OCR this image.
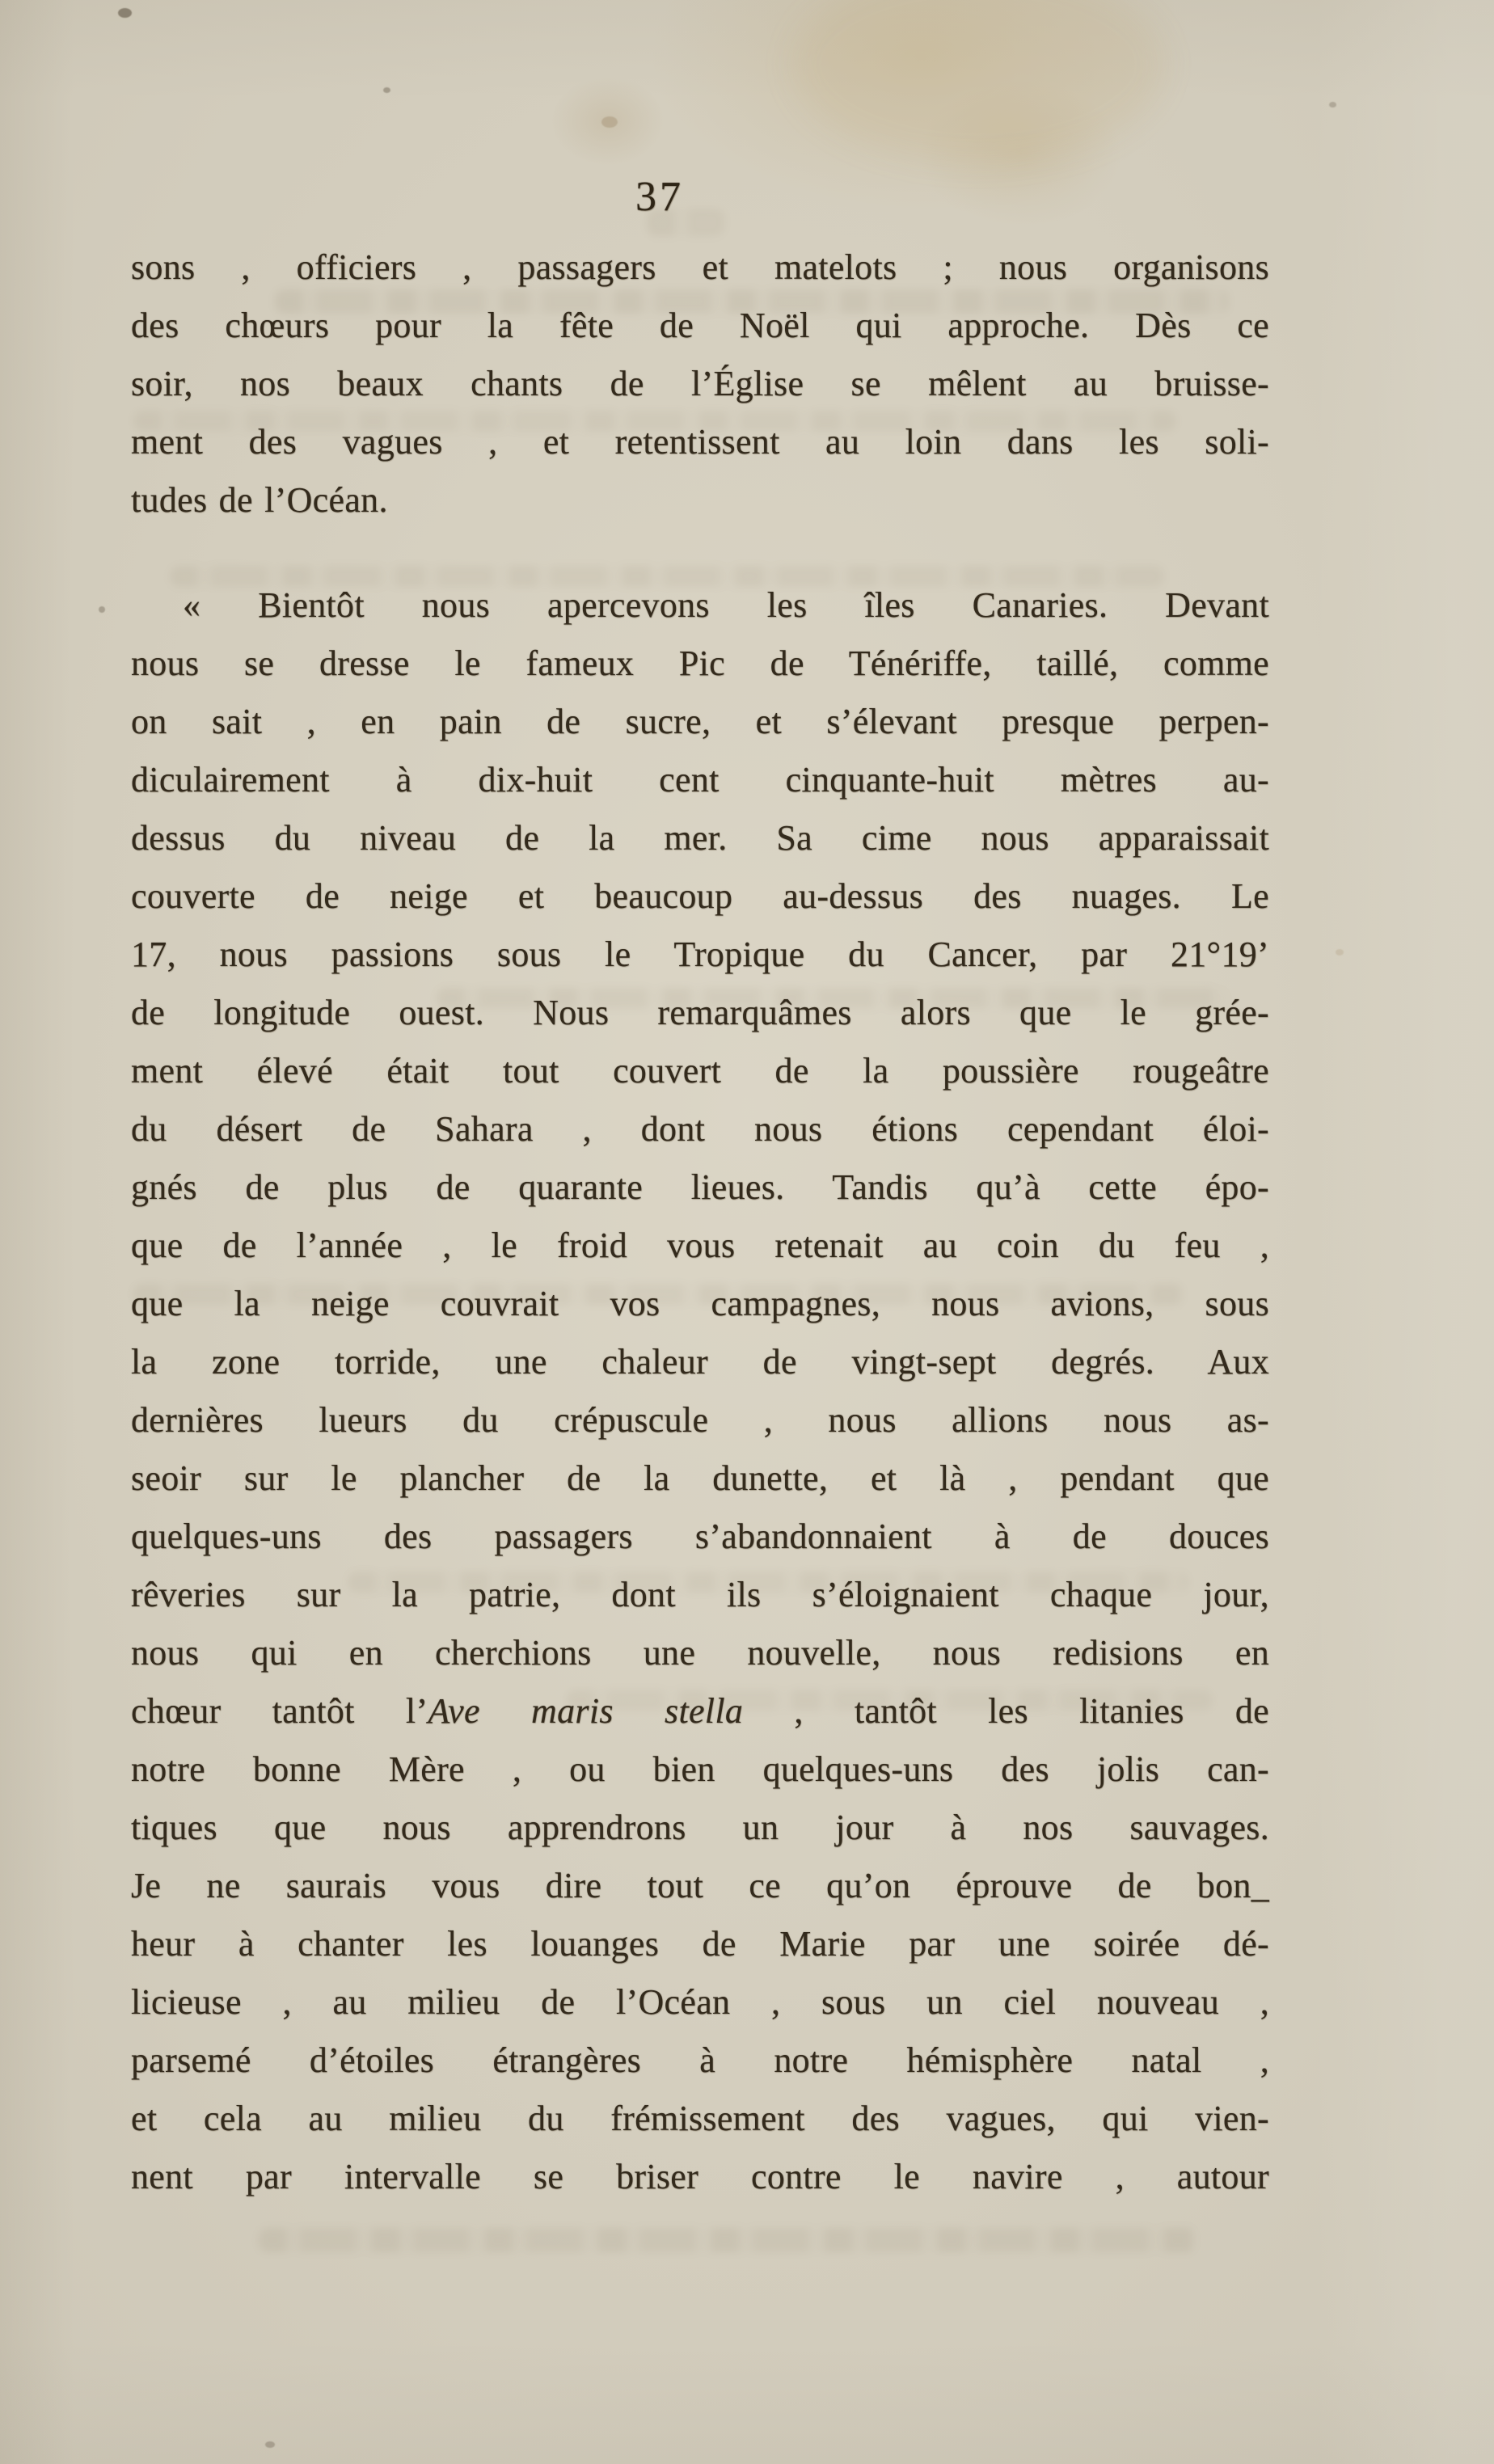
37
sons , officiers , passagers et matelots ; nous organisons
des chœurs pour la fête de Noël qui approche. Dès ce
soir, nos beaux chants de l’Église se mêlent au bruisse-
ment des vagues , et retentissent au loin dans les soli-
tudes de l’Océan.
« Bientôt nous apercevons les îles Canaries. Devant
nous se dresse le fameux Pic de Ténériffe, taillé, comme
on sait , en pain de sucre, et s’élevant presque perpen-
diculairement à dix-huit cent cinquante-huit mètres au-
dessus du niveau de la mer. Sa cime nous apparaissait
couverte de neige et beaucoup au-dessus des nuages. Le
17, nous passions sous le Tropique du Cancer, par 21°19’
de longitude ouest. Nous remarquâmes alors que le grée-
ment élevé était tout couvert de la poussière rougeâtre
du désert de Sahara , dont nous étions cependant éloi-
gnés de plus de quarante lieues. Tandis qu’à cette épo-
que de l’année , le froid vous retenait au coin du feu ,
que la neige couvrait vos campagnes, nous avions, sous
la zone torride, une chaleur de vingt-sept degrés. Aux
dernières lueurs du crépuscule , nous allions nous as-
seoir sur le plancher de la dunette, et là , pendant que
quelques-uns des passagers s’abandonnaient à de douces
rêveries sur la patrie, dont ils s’éloignaient chaque jour,
nous qui en cherchions une nouvelle, nous redisions en
chœur tantôt l’Ave maris stella , tantôt les litanies de
notre bonne Mère , ou bien quelques-uns des jolis can-
tiques que nous apprendrons un jour à nos sauvages.
Je ne saurais vous dire tout ce qu’on éprouve de bon_
heur à chanter les louanges de Marie par une soirée dé-
licieuse , au milieu de l’Océan , sous un ciel nouveau ,
parsemé d’étoiles étrangères à notre hémisphère natal ,
et cela au milieu du frémissement des vagues, qui vien-
nent par intervalle se briser contre le navire , autour
